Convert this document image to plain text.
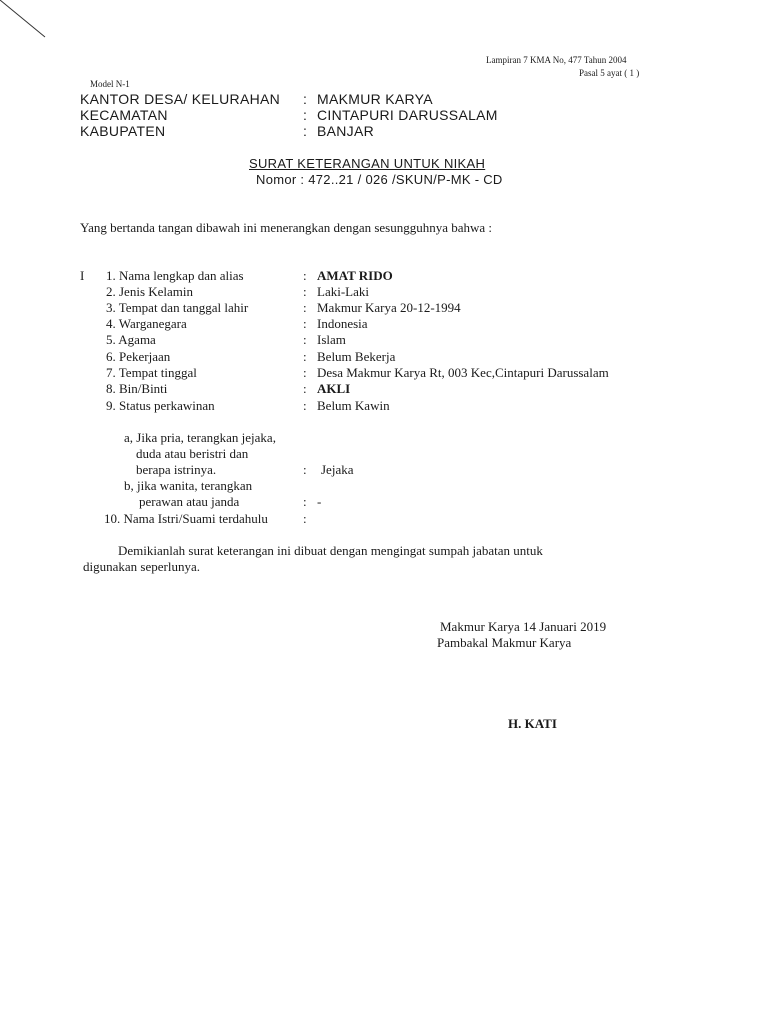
Lampiran 7 KMA No, 477 Tahun 2004
Pasal 5 ayat ( 1 )
Model N-1
KANTOR DESA/ KELURAHAN : MAKMUR KARYA
KECAMATAN	: CINTAPURI DARUSSALAM
KABUPATEN	: BANJAR
SURAT KETERANGAN UNTUK NIKAH
Nomor : 472..21 / 026 /SKUN/P-MK - CD
Yang bertanda tangan dibawah ini menerangkan dengan sesungguhnya bahwa :
I 1. Nama lengkap dan alias	: AMAT RIDO
2. Jenis Kelamin	: Laki-Laki
3. Tempat dan tanggal lahir	: Makmur Karya 20-12-1994
4. Warganegara	: Indonesia
5. Agama	: Islam
6. Pekerjaan	: Belum Bekerja
7. Tempat tinggal	: Desa Makmur Karya Rt, 003 Kec,Cintapuri Darussalam
8. Bin/Binti	: AKLI
9. Status perkawinan	: Belum Kawin
a, Jika pria, terangkan jejaka,
duda atau beristri dan
berapa istrinya.	: Jejaka
b, jika wanita, terangkan
perawan atau janda	: -
10. Nama Istri/Suami terdahulu	:
Demikianlah surat keterangan ini dibuat dengan mengingat sumpah jabatan untuk
digunakan seperlunya.
Makmur Karya 14 Januari 2019
Pambakal Makmur Karya
H. KATI
